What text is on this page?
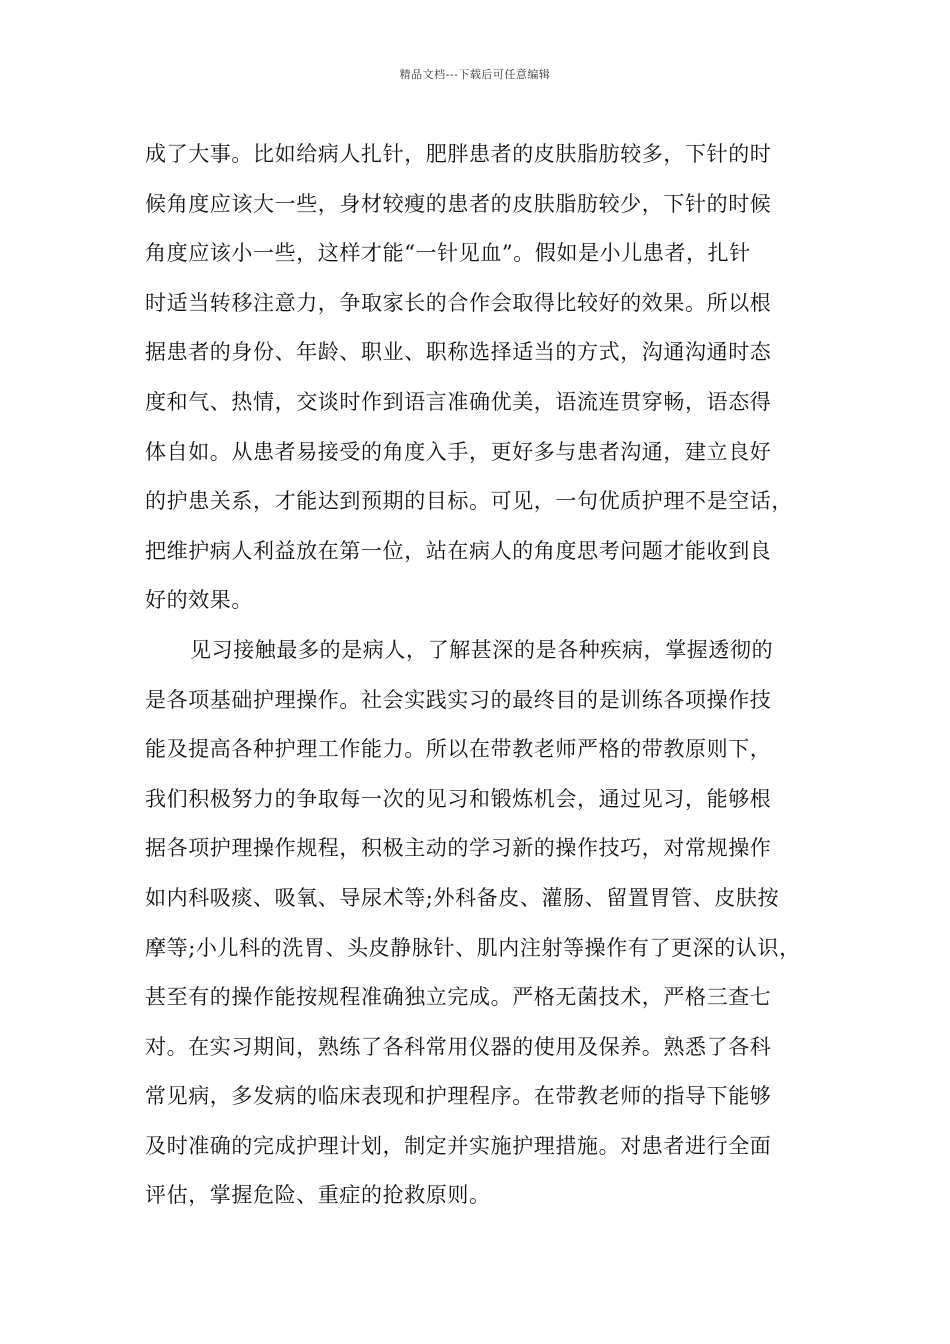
精品文档---下载后可任意编辑
成了大事。比如给病人扎针，肥胖患者的皮肤脂肪较多，下针的时
候角度应该大一些，身材较瘦的患者的皮肤脂肪较少，下针的时候
角度应该小一些，这样才能“一针见血”。假如是小儿患者，扎针
时适当转移注意力，争取家长的合作会取得比较好的效果。所以根
据患者的身份、年龄、职业、职称选择适当的方式，沟通沟通时态
度和气、热情，交谈时作到语言准确优美，语流连贯穿畅，语态得
体自如。从患者易接受的角度入手，更好多与患者沟通，建立良好
的护患关系，才能达到预期的目标。可见，一句优质护理不是空话，
把维护病人利益放在第一位，站在病人的角度思考问题才能收到良
好的效果。
见习接触最多的是病人，了解甚深的是各种疾病，掌握透彻的
是各项基础护理操作。社会实践实习的最终目的是训练各项操作技
能及提高各种护理工作能力。所以在带教老师严格的带教原则下，
我们积极努力的争取每一次的见习和锻炼机会，通过见习，能够根
据各项护理操作规程，积极主动的学习新的操作技巧，对常规操作
如内科吸痰、吸氧、导尿术等;外科备皮、灌肠、留置胃管、皮肤按
摩等;小儿科的洗胃、头皮静脉针、肌内注射等操作有了更深的认识，
甚至有的操作能按规程准确独立完成。严格无菌技术，严格三查七
对。在实习期间，熟练了各科常用仪器的使用及保养。熟悉了各科
常见病，多发病的临床表现和护理程序。在带教老师的指导下能够
及时准确的完成护理计划，制定并实施护理措施。对患者进行全面
评估，掌握危险、重症的抢救原则。
